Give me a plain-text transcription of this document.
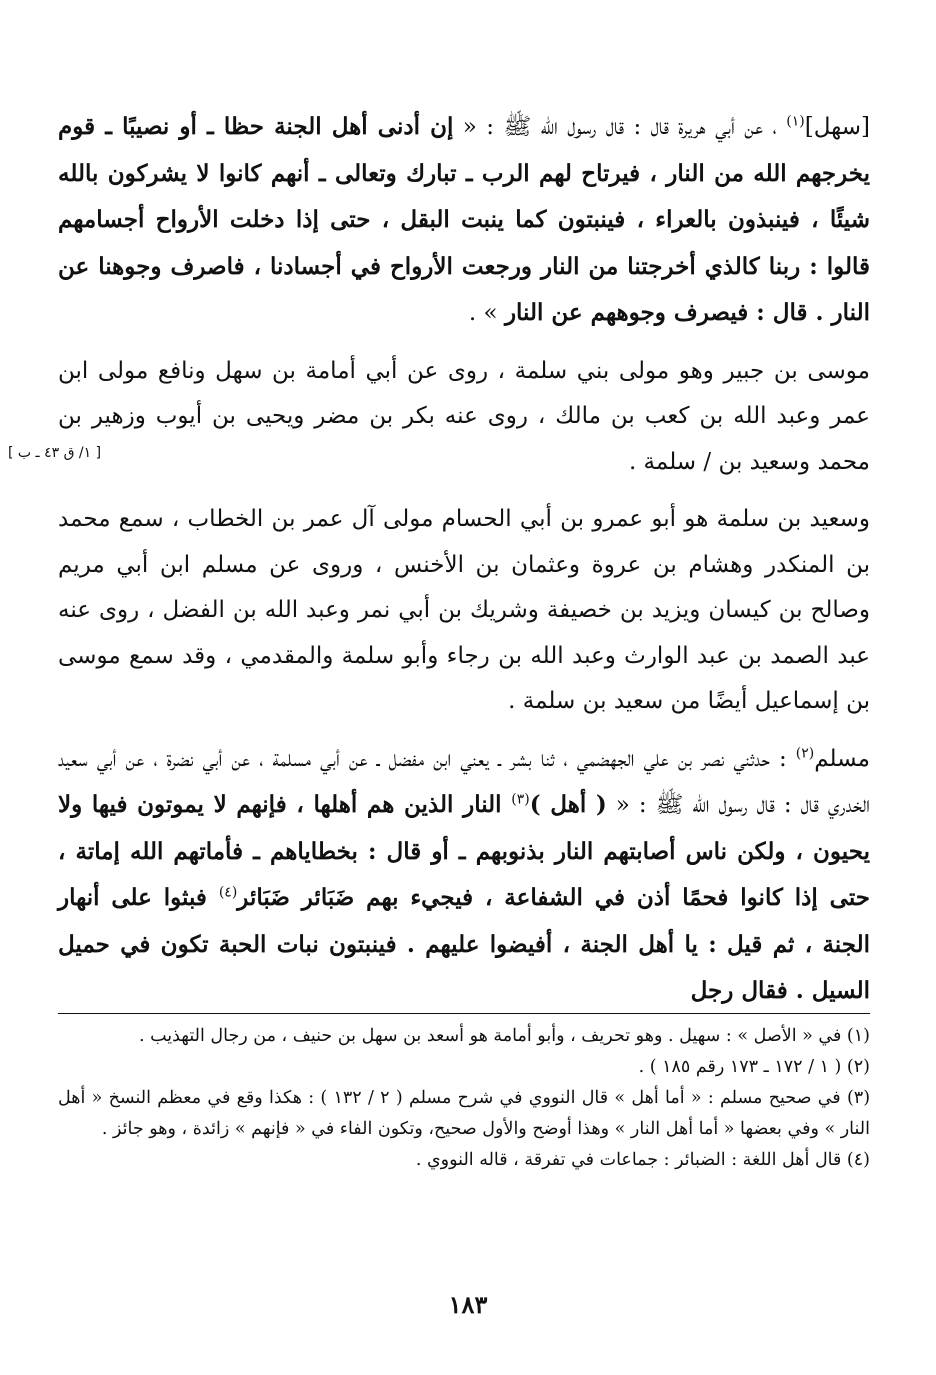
[ ١/ ق ٤٣ ـ ب ]

[سهل]$^{(١)}$ ، عن أبي هريرة قال : قال رسول الله ﷺ : « إن أدنى أهل الجنة حظا ـ أو نصيبًا ـ قوم يخرجهم الله من النار ، فيرتاح لهم الرب ـ تبارك وتعالى ـ أنهم كانوا لا يشركون بالله شيئًا ، فينبذون بالعراء ، فينبتون كما ينبت البقل ، حتى إذا دخلت الأرواح أجسامهم قالوا : ربنا كالذي أخرجتنا من النار ورجعت الأرواح في أجسادنا ، فاصرف وجوهنا عن النار . قال : فيصرف وجوههم عن النار » .

موسى بن جبير وهو مولى بني سلمة ، روى عن أبي أمامة بن سهل ونافع مولى ابن عمر وعبد الله بن كعب بن مالك ، روى عنه بكر بن مضر ويحيى بن أيوب وزهير بن محمد وسعيد بن / سلمة .

وسعيد بن سلمة هو أبو عمرو بن أبي الحسام مولى آل عمر بن الخطاب ، سمع محمد بن المنكدر وهشام بن عروة وعثمان بن الأخنس ، وروى عن مسلم ابن أبي مريم وصالح بن كيسان ويزيد بن خصيفة وشريك بن أبي نمر وعبد الله بن الفضل ، روى عنه عبد الصمد بن عبد الوارث وعبد الله بن رجاء وأبو سلمة والمقدمي ، وقد سمع موسى بن إسماعيل أيضًا من سعيد بن سلمة .

مسلم$^{(٢)}$ : حدثني نصر بن علي الجهضمي ، ثنا بشر ـ يعني ابن مفضل ـ عن أبي مسلمة ، عن أبي نضرة ، عن أبي سعيد الخدري قال : قال رسول الله ﷺ : « ( أهل )$^{(٣)}$ النار الذين هم أهلها ، فإنهم لا يموتون فيها ولا يحيون ، ولكن ناس أصابتهم النار بذنوبهم ـ أو قال : بخطاياهم ـ فأماتهم الله إماتة ، حتى إذا كانوا فحمًا أذن في الشفاعة ، فيجيء بهم ضَبَائر ضَبَائر$^{(٤)}$ فبثوا على أنهار الجنة ، ثم قيل : يا أهل الجنة ، أفيضوا عليهم . فينبتون نبات الحبة تكون في حميل السيل . فقال رجل

(١) في « الأصل » : سهيل . وهو تحريف ، وأبو أمامة هو أسعد بن سهل بن حنيف ، من رجال التهذيب .

(٢) ( ١ / ١٧٢ ـ ١٧٣ رقم ١٨٥ ) .

(٣) في صحيح مسلم : « أما أهل » قال النووي في شرح مسلم ( ٢ / ١٣٢ ) : هكذا وقع في معظم النسخ « أهل النار » وفي بعضها « أما أهل النار » وهذا أوضح والأول صحيح، وتكون الفاء في « فإنهم » زائدة ، وهو جائز .

(٤) قال أهل اللغة : الضبائر : جماعات في تفرقة ، قاله النووي .

١٨٣
